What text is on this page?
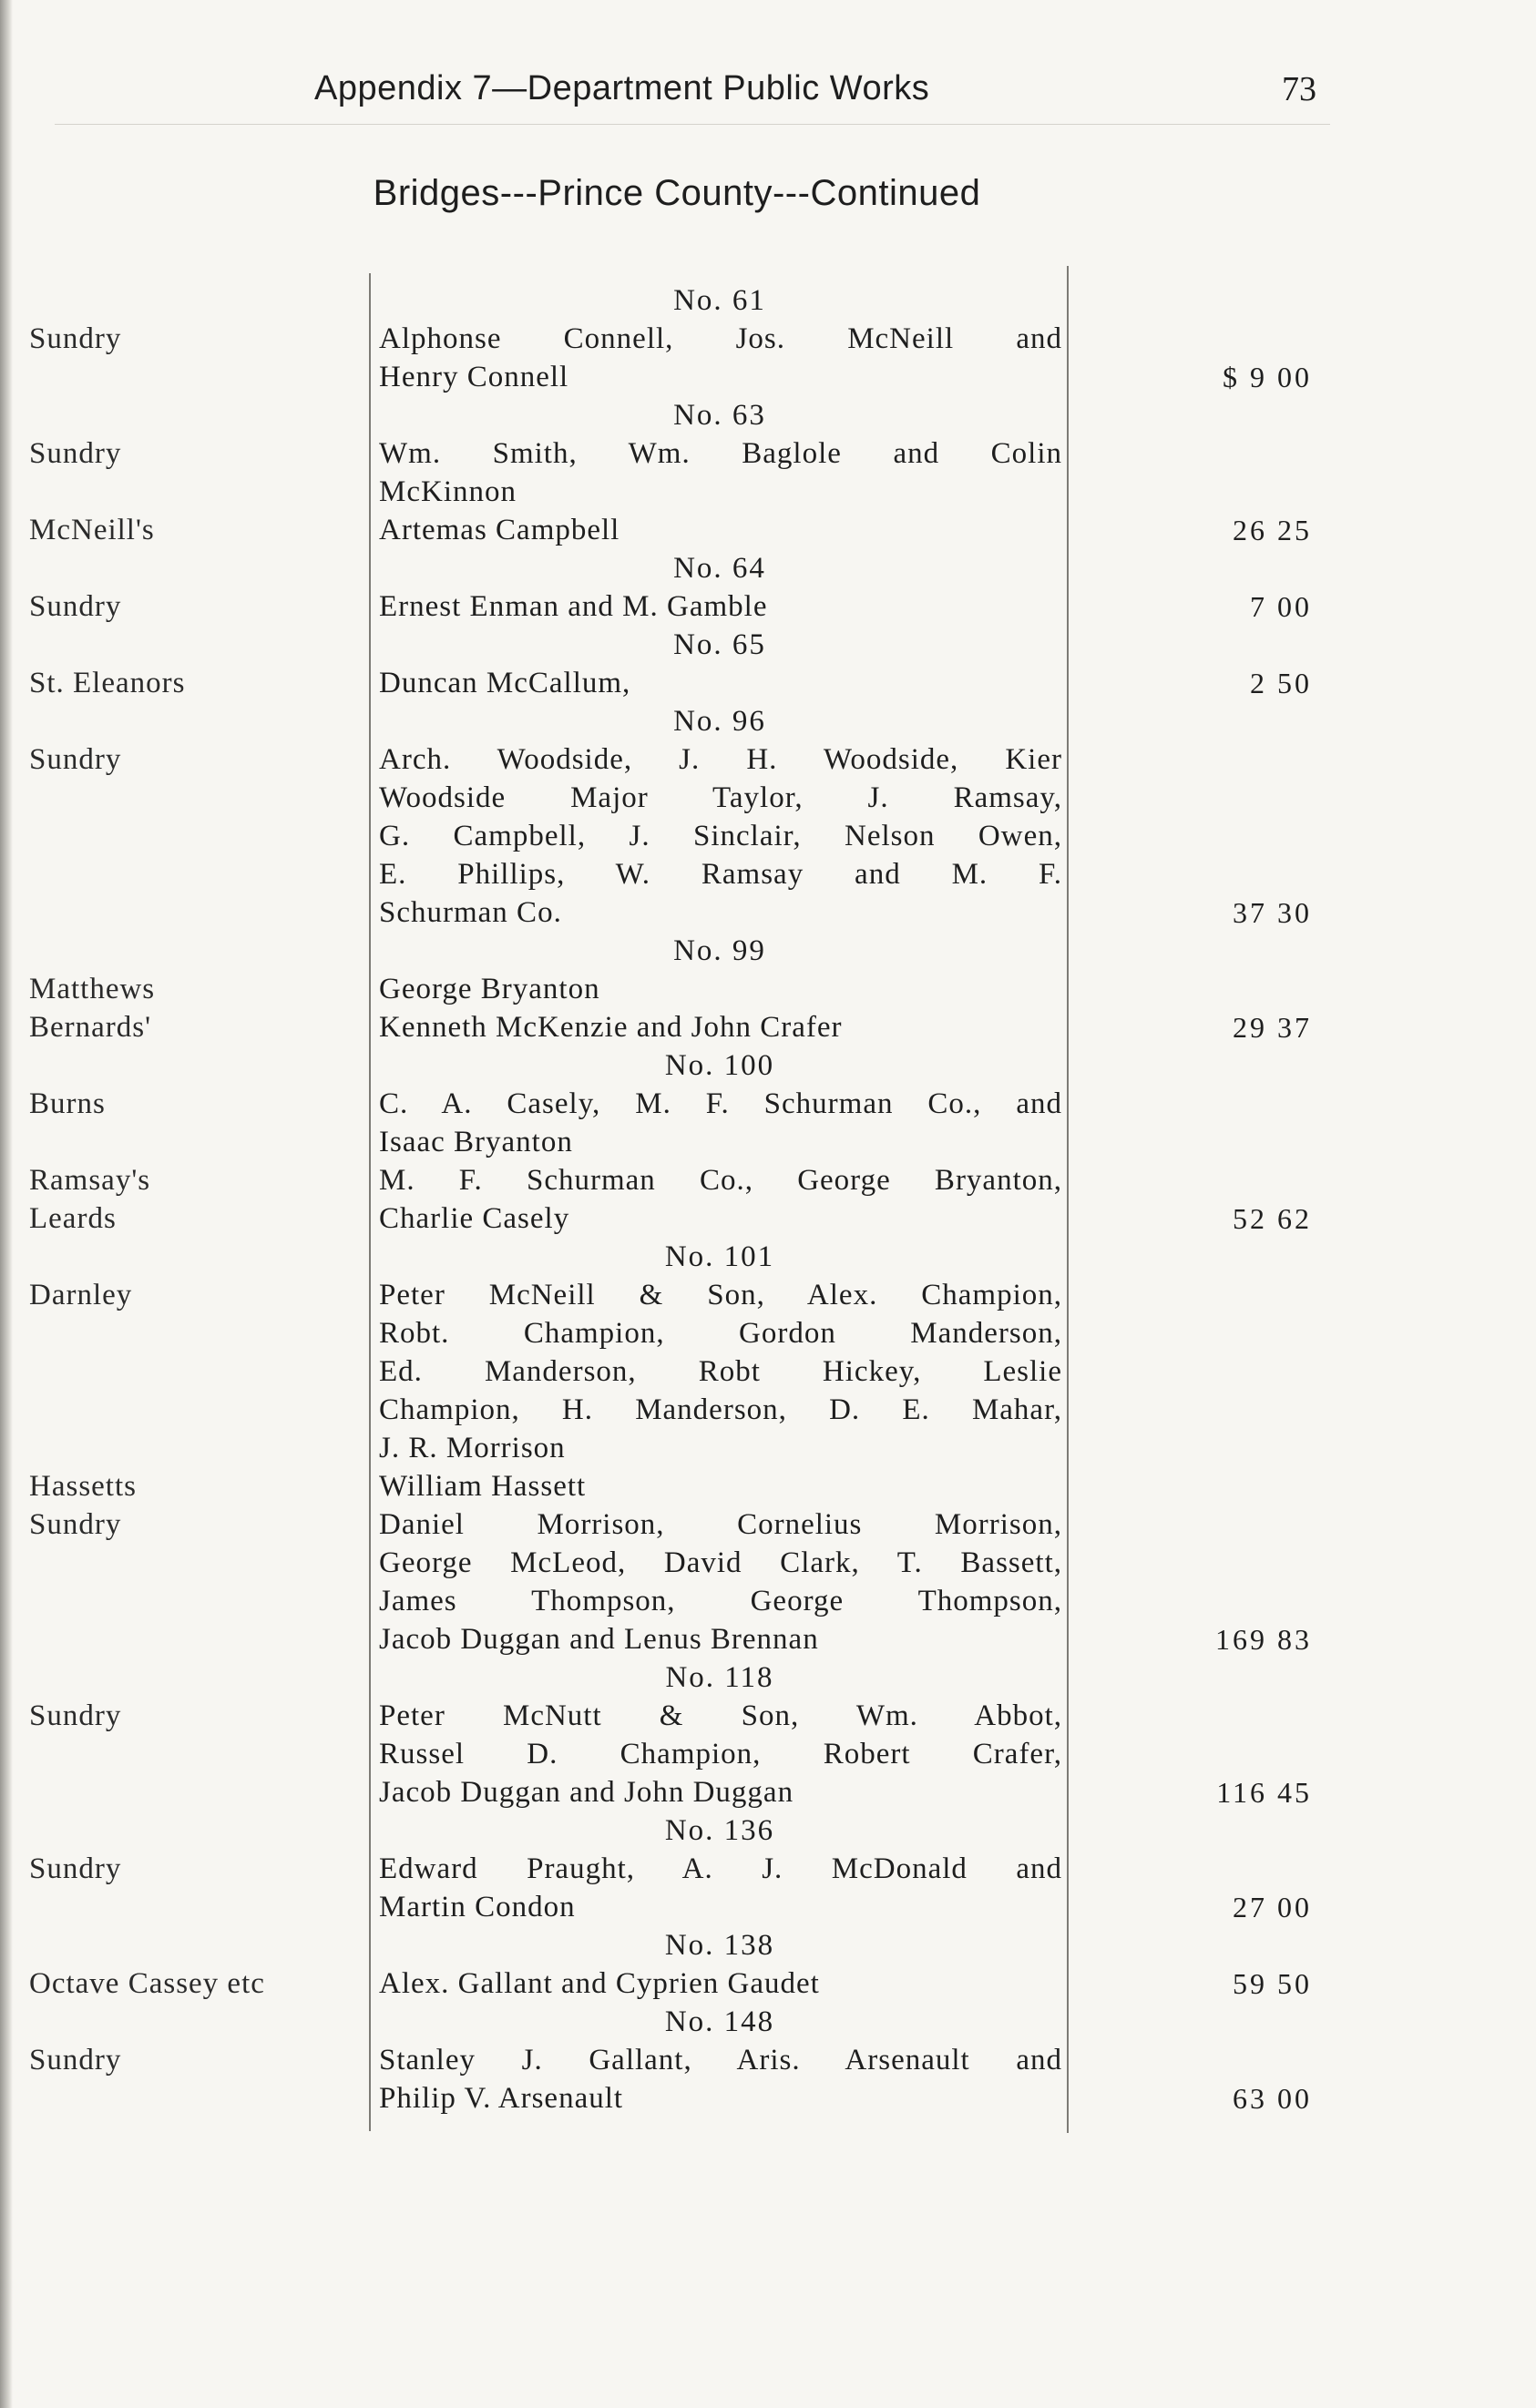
Appendix 7—Department Public Works	73
Bridges---Prince County---Continued
No. 61
Sundry	Alphonse Connell, Jos. McNeill and
Henry Connell	$ 9 00
No. 63
Sundry	Wm. Smith, Wm. Baglole and Colin
McKinnon
McNeill's	Artemas Campbell	26 25
No. 64
Sundry	Ernest Enman and M. Gamble	7 00
No. 65
St. Eleanors	Duncan McCallum,	2 50
No. 96
Sundry	Arch. Woodside, J. H. Woodside, Kier
Woodside Major Taylor, J. Ramsay,
G. Campbell, J. Sinclair, Nelson Owen,
E. Phillips, W. Ramsay and M. F.
Schurman Co.	37 30
No. 99
Matthews	George Bryanton
Bernards'	Kenneth McKenzie and John Crafer	29 37
No. 100
Burns	C. A. Casely, M. F. Schurman Co., and
Isaac Bryanton
Ramsay's	M. F. Schurman Co., George Bryanton,
Leards	Charlie Casely	52 62
No. 101
Darnley	Peter McNeill & Son, Alex. Champion,
Robt. Champion, Gordon Manderson,
Ed. Manderson, Robt Hickey, Leslie
Champion, H. Manderson, D. E. Mahar,
J. R. Morrison
Hassetts	William Hassett
Sundry	Daniel Morrison, Cornelius Morrison,
George McLeod, David Clark, T. Bassett,
James Thompson, George Thompson,
Jacob Duggan and Lenus Brennan	169 83
No. 118
Sundry	Peter McNutt & Son, Wm. Abbot,
Russel D. Champion, Robert Crafer,
Jacob Duggan and John Duggan	116 45
No. 136
Sundry	Edward Praught, A. J. McDonald and
Martin Condon	27 00
No. 138
Octave Cassey etc	Alex. Gallant and Cyprien Gaudet	59 50
No. 148
Sundry	Stanley J. Gallant, Aris. Arsenault and
Philip V. Arsenault	63 00
